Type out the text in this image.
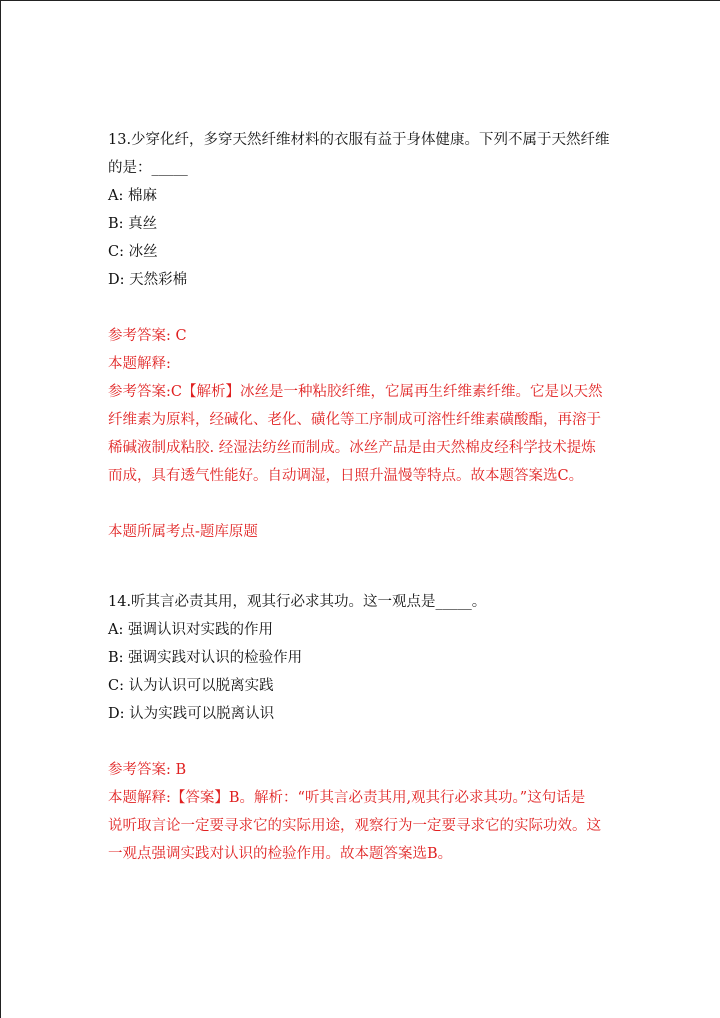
13.少穿化纤，多穿天然纤维材料的衣服有益于身体健康。下列不属于天然纤维
的是：_____
A: 棉麻
B: 真丝
C: 冰丝
D: 天然彩棉
参考答案: C
本题解释:
参考答案:C【解析】冰丝是一种粘胶纤维，它属再生纤维素纤维。它是以天然
纤维素为原料，经碱化、老化、磺化等工序制成可溶性纤维素磺酸酯，再溶于
稀碱液制成粘胶. 经湿法纺丝而制成。冰丝产品是由天然棉皮经科学技术提炼
而成，具有透气性能好。自动调湿，日照升温慢等特点。故本题答案选C。
本题所属考点-题库原题
14.听其言必责其用，观其行必求其功。这一观点是_____。
A: 强调认识对实践的作用
B: 强调实践对认识的检验作用
C: 认为认识可以脱离实践
D: 认为实践可以脱离认识
参考答案: B
本题解释:【答案】B。解析：“听其言必责其用,观其行必求其功。”这句话是
说听取言论一定要寻求它的实际用途，观察行为一定要寻求它的实际功效。这
一观点强调实践对认识的检验作用。故本题答案选B。
